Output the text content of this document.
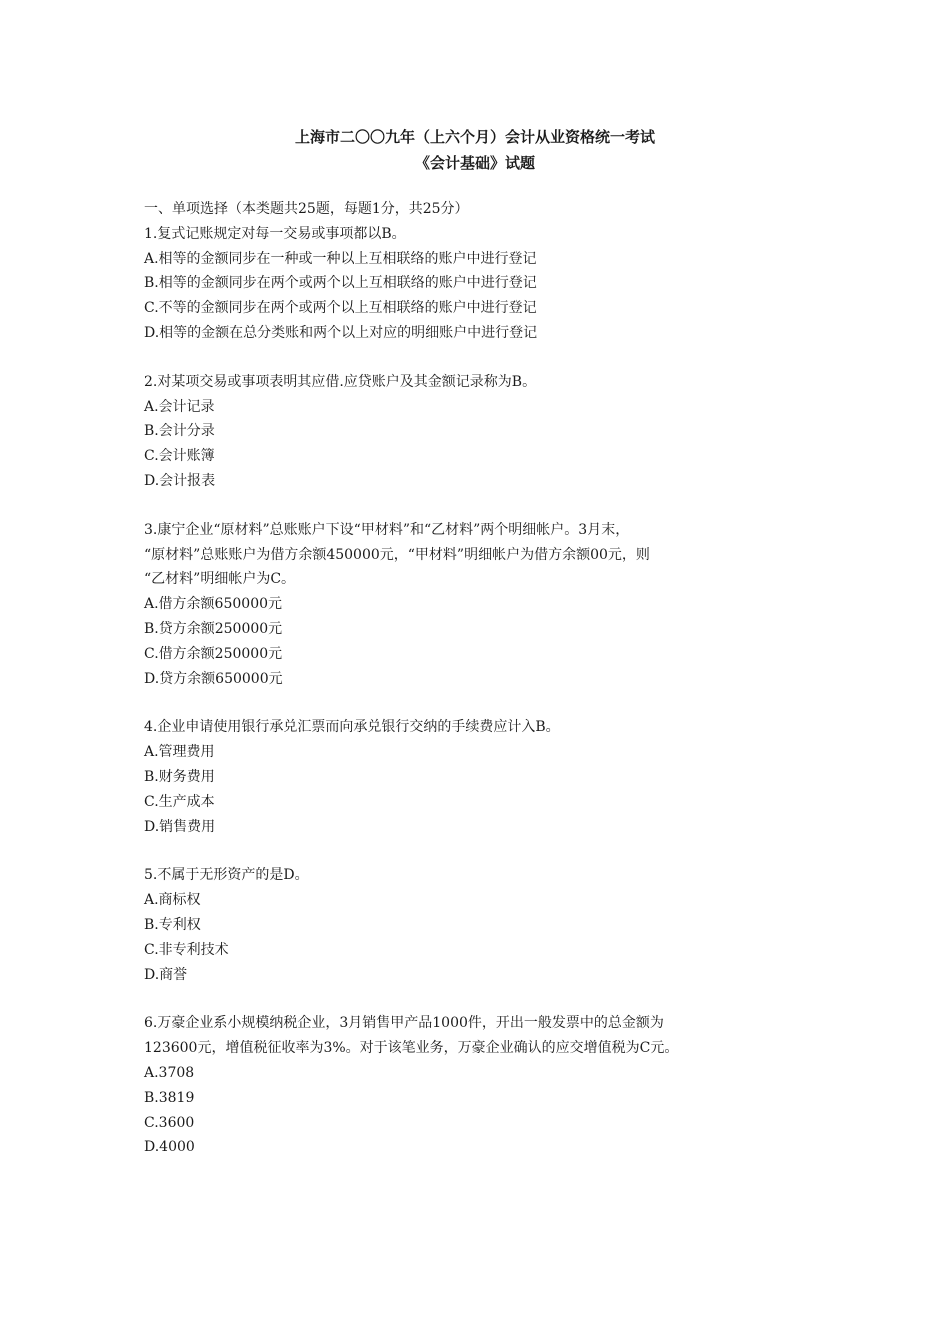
上海市二〇〇九年（上六个月）会计从业资格统一考试
《会计基础》试题
一、单项选择（本类题共25题，每题1分，共25分）
1.复式记账规定对每一交易或事项都以B。
A.相等的金额同步在一种或一种以上互相联络的账户中进行登记
B.相等的金额同步在两个或两个以上互相联络的账户中进行登记
C.不等的金额同步在两个或两个以上互相联络的账户中进行登记
D.相等的金额在总分类账和两个以上对应的明细账户中进行登记
2.对某项交易或事项表明其应借.应贷账户及其金额记录称为B。
A.会计记录
B.会计分录
C.会计账簿
D.会计报表
3.康宁企业“原材料”总账账户下设“甲材料”和“乙材料”两个明细帐户。3月末，
“原材料”总账账户为借方余额450000元，“甲材料”明细帐户为借方余额00元，则
“乙材料”明细帐户为C。
A.借方余额650000元
B.贷方余额250000元
C.借方余额250000元
D.贷方余额650000元
4.企业申请使用银行承兑汇票而向承兑银行交纳的手续费应计入B。
A.管理费用
B.财务费用
C.生产成本
D.销售费用
5.不属于无形资产的是D。
A.商标权
B.专利权
C.非专利技术
D.商誉
6.万豪企业系小规模纳税企业，3月销售甲产品1000件，开出一般发票中的总金额为
123600元，增值税征收率为3%。对于该笔业务，万豪企业确认的应交增值税为C元。
A.3708
B.3819
C.3600
D.4000
